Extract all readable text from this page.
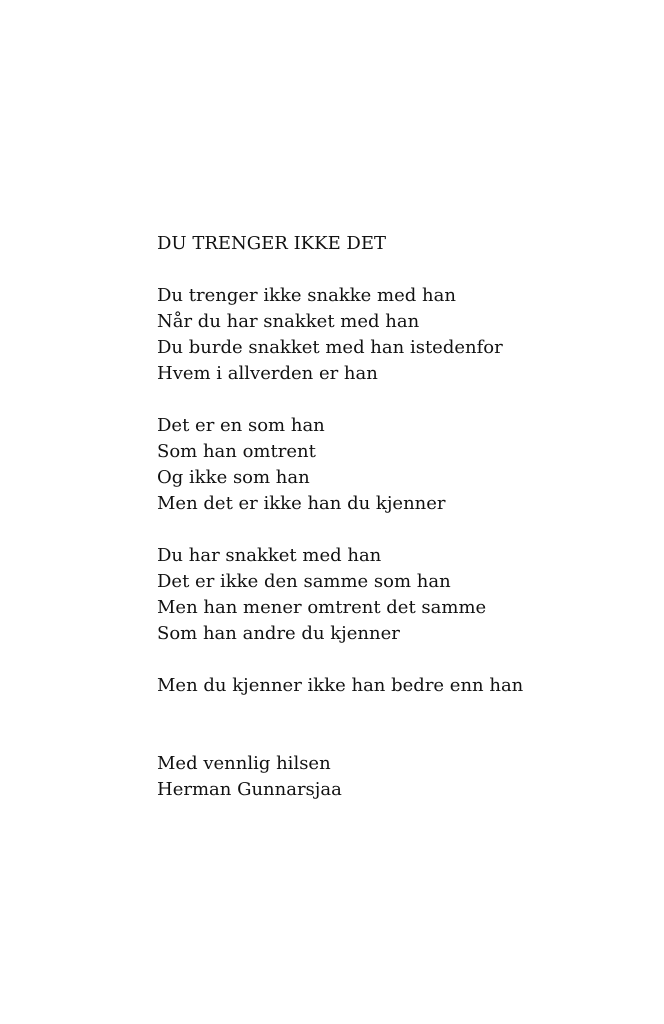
DU TRENGER IKKE DET
Du trenger ikke snakke med han
Når du har snakket med han
Du burde snakket med han istedenfor
Hvem i allverden er han
Det er en som han
Som han omtrent
Og ikke som han
Men det er ikke han du kjenner
Du har snakket med han
Det er ikke den samme som han
Men han mener omtrent det samme
Som han andre du kjenner
Men du kjenner ikke han bedre enn han
Med vennlig hilsen
Herman Gunnarsjaa
